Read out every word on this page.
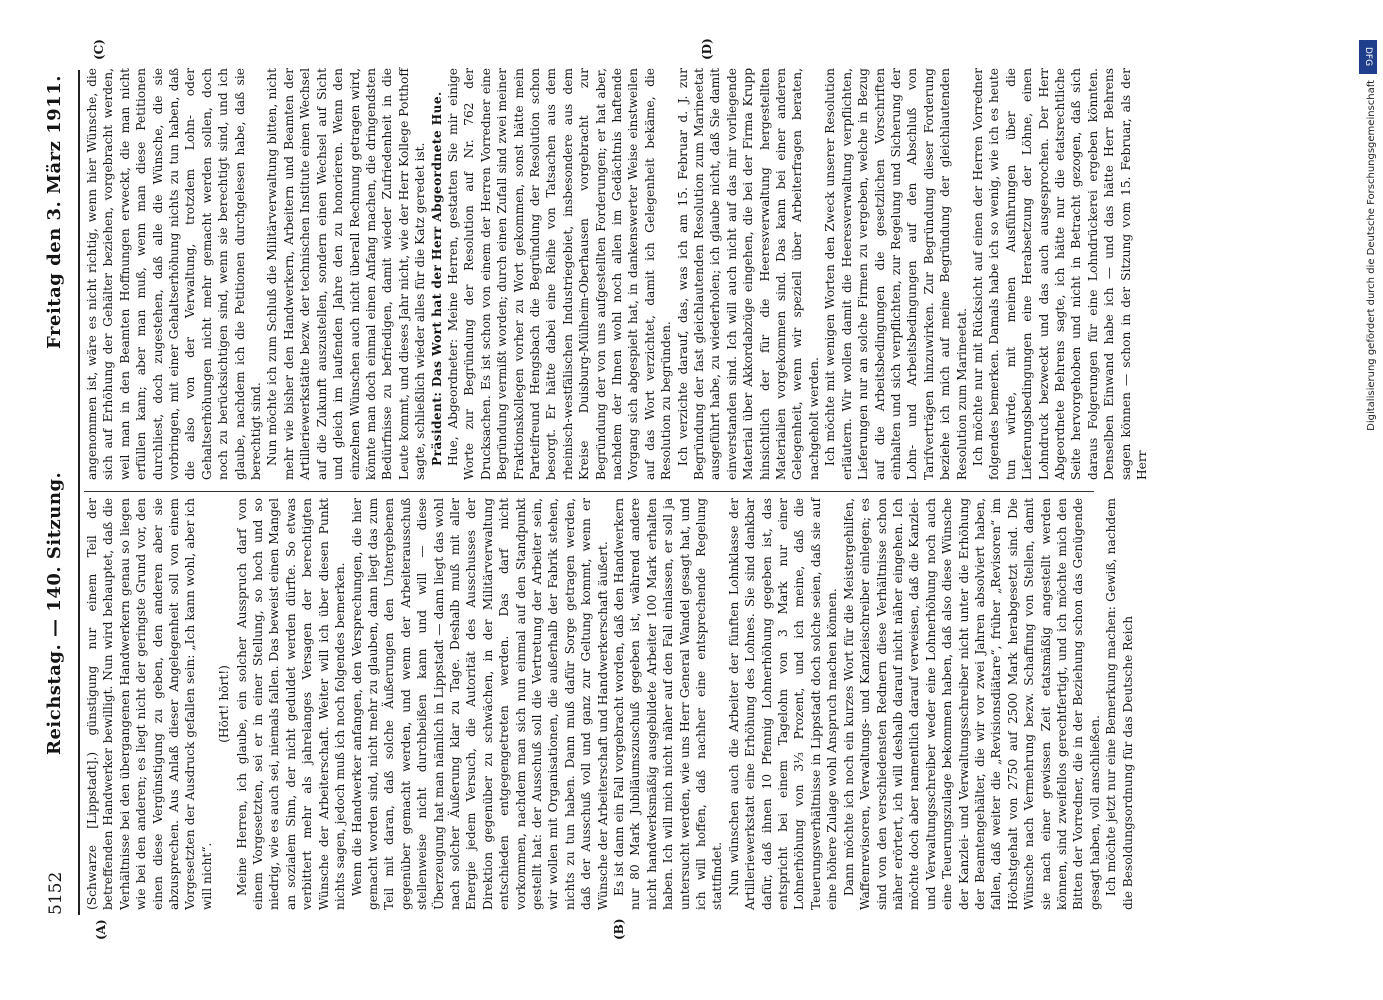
5152
Reichstag. — 140. Sitzung.
Freitag den 3. März 1911.
(A)	(B)
(C)	(D)

(Schwarze [Lippstadt].) günstigung nur einem Teil der betreffenden Handwerker bewilligt. Nun wird behauptet, daß die Verhältnisse bei den übergangenen Handwerkern genau so liegen wie bei den anderen; es liegt nicht der geringste Grund vor, den einen diese Vergünstigung zu geben, den anderen aber sie abzusprechen. Aus Anlaß dieser Angelegenheit soll von einem Vorgesetzten der Ausdruck gefallen sein: „Ich kann wohl, aber ich will nicht“.

(Hört! hört!) Meine Herren, ich glaube, ein solcher Ausspruch darf von einem Vorgesetzten, sei er in einer Stellung, so hoch und so niedrig, wie es auch sei, niemals fallen. Das beweist einen Mangel an sozialem Sinn, der nicht geduldet werden dürfte. So etwas verbittert mehr als jahrelanges Versagen der berechtigten Wünsche der Arbeiterschaft. Weiter will ich über diesen Punkt nichts sagen, jedoch muß ich noch folgendes bemerken. Wenn die Handwerker anfangen, den Versprechungen, die hier gemacht worden sind, nicht mehr zu glauben, dann liegt das zum Teil mit daran, daß solche Äußerungen den Untergebenen gegenüber gemacht werden, und wenn der Arbeiterausschuß stellenweise nicht durchbeißen kann und will — diese Überzeugung hat man nämlich in Lippstadt — dann liegt das wohl nach solcher Äußerung klar zu Tage. Deshalb muß mit aller Energie jedem Versuch, die Autorität des Ausschusses der Direktion gegenüber zu schwächen, in der Militärverwaltung entschieden entgegengetreten werden. Das darf nicht vorkommen, nachdem man sich nun einmal auf den Standpunkt gestellt hat: der Ausschuß soll die Vertretung der Arbeiter sein, wir wollen mit Organisationen, die außerhalb der Fabrik stehen, nichts zu tun haben. Dann muß dafür Sorge getragen werden, daß der Ausschuß voll und ganz zur Geltung kommt, wenn er Wünsche der Arbeiterschaft und Handwerkerschaft äußert. Es ist dann ein Fall vorgebracht worden, daß den Handwerkern nur 80 Mark Jubiläumszuschuß gegeben ist, während andere nicht handwerksmäßig ausgebildete Arbeiter 100 Mark erhalten haben. Ich will mich nicht näher auf den Fall einlassen, er soll ja untersucht werden, wie uns Herr General Wandel gesagt hat, und ich will hoffen, daß nachher eine entsprechende Regelung stattfindet. Nun wünschen auch die Arbeiter der fünften Lohnklasse der Artilleriewerkstatt eine Erhöhung des Lohnes. Sie sind dankbar dafür, daß ihnen 10 Pfennig Lohnerhöhung gegeben ist, das entspricht bei einem Tagelohn von 3 Mark nur einer Lohnerhöhung von 3⅓ Prozent, und ich meine, daß die Teuerungsverhältnisse in Lippstadt doch solche seien, daß sie auf eine höhere Zulage wohl Anspruch machen können. Dann möchte ich noch ein kurzes Wort für die Meistergehilfen, Waffenrevisoren, Verwaltungs- und Kanzleischreiber einlegen; es sind von den verschiedensten Rednern diese Verhältnisse schon näher erörtert, ich will deshalb darauf nicht näher eingehen. Ich möchte doch aber namentlich darauf verweisen, daß die Kanzlei- und Verwaltungsschreiber weder eine Lohnerhöhung noch auch eine Teuerungszulage bekommen haben, daß also diese Wünsche der Kanzlei- und Verwaltungsschreiber nicht unter die Erhöhung der Beamtengehälter, die wir vor zwei Jahren absolviert haben, fallen, daß weiter die „Revisionsdiätare“, früher „Revisoren“ im Höchstgehalt von 2750 auf 2500 Mark herabgesetzt sind. Die Wünsche nach Vermehrung bezw. Schaffung von Stellen, damit sie nach einer gewissen Zeit etatsmäßig angestellt werden können, sind zweifellos gerechtfertigt, und ich möchte mich den Bitten der Vorredner, die in der Beziehung schon das Genügende gesagt haben, voll anschließen. Ich möchte jetzt nur eine Bemerkung machen: Gewiß, nachdem die Besoldungsordnung für das Deutsche Reich

angenommen ist, wäre es nicht richtig, wenn hier Wünsche, die sich auf Erhöhung der Gehälter beziehen, vorgebracht werden, weil man in den Beamten Hoffnungen erweckt, die man nicht erfüllen kann; aber man muß, wenn man diese Petitionen durchliest, doch zugestehen, daß alle die Wünsche, die sie vorbringen, mit einer Gehaltserhöhung nichts zu tun haben, daß die also von der Verwaltung, trotzdem Lohn- oder Gehaltserhöhungen nicht mehr gemacht werden sollen, doch noch zu berücksichtigen sind, wenn sie berechtigt sind, und ich glaube, nachdem ich die Petitionen durchgelesen habe, daß sie berechtigt sind. Nun möchte ich zum Schluß die Militärverwaltung bitten, nicht mehr wie bisher den Handwerkern, Arbeitern und Beamten der Artilleriewerkstätte bezw. der technischen Institute einen Wechsel auf die Zukunft auszustellen, sondern einen Wechsel auf Sicht und gleich im laufenden Jahre den zu honorieren. Wenn den einzelnen Wünschen auch nicht überall Rechnung getragen wird, könnte man doch einmal einen Anfang machen, die dringendsten Bedürfnisse zu befriedigen, damit wieder Zufriedenheit in die Leute kommt, und dieses Jahr nicht, wie der Herr Kollege Potthoff sagte, schließlich wieder alles für die Katz geredet ist. Präsident: Das Wort hat der Herr Abgeordnete Hue. Hue, Abgeordneter: Meine Herren, gestatten Sie mir einige Worte zur Begründung der Resolution auf Nr. 762 der Drucksachen. Es ist schon von einem der Herren Vorredner eine Begründung vermißt worden; durch einen Zufall sind zwei meiner Fraktionskollegen vorher zu Wort gekommen, sonst hätte mein Parteifreund Hengsbach die Begründung der Resolution schon besorgt. Er hätte dabei eine Reihe von Tatsachen aus dem rheinisch-westfälischen Industriegebiet, insbesondere aus dem Kreise Duisburg-Mülheim-Oberhausen vorgebracht zur Begründung der von uns aufgestellten Forderungen; er hat aber, nachdem der Ihnen wohl noch allen im Gedächtnis haftende Vorgang sich abgespielt hat, in dankenswerter Weise einstweilen auf das Wort verzichtet, damit ich Gelegenheit bekäme, die Resolution zu begründen. Ich verzichte darauf, das, was ich am 15. Februar d. J. zur Begründung der fast gleichlautenden Resolution zum Marineetat ausgeführt habe, zu wiederholen; ich glaube nicht, daß Sie damit einverstanden sind. Ich will auch nicht auf das mir vorliegende Material über Akkordabzüge eingehen, die bei der Firma Krupp hinsichtlich der für die Heeresverwaltung hergestellten Materialien vorgekommen sind. Das kann bei einer anderen Gelegenheit, wenn wir speziell über Arbeiterfragen beraten, nachgeholt werden. Ich möchte mit wenigen Worten den Zweck unserer Resolution erläutern. Wir wollen damit die Heeresverwaltung verpflichten, Lieferungen nur an solche Firmen zu vergeben, welche in Bezug auf die Arbeitsbedingungen die gesetzlichen Vorschriften einhalten und sich verpflichten, zur Regelung und Sicherung der Lohn- und Arbeitsbedingungen auf den Abschluß von Tarifverträgen hinzuwirken. Zur Begründung dieser Forderung beziehe ich mich auf meine Begründung der gleichlautenden Resolution zum Marineetat. Ich möchte nur mit Rücksicht auf einen der Herren Vorredner folgendes bemerken. Damals habe ich so wenig, wie ich es heute tun würde, mit meinen Ausführungen über die Lieferungsbedingungen eine Herabsetzung der Löhne, einen Lohndruck bezweckt und das auch ausgesprochen. Der Herr Abgeordnete Behrens sagte, ich hätte nur die etatsrechtliche Seite hervorgehoben und nicht in Betracht gezogen, daß sich daraus Folgerungen für eine Lohndrückerei ergeben könnten. Denselben Einwand habe ich — und das hätte Herr Behrens sagen können — schon in der Sitzung vom 15. Februar, als der Herr

DFG
Digitalisierung gefördert durch die Deutsche Forschungsgemeinschaft
